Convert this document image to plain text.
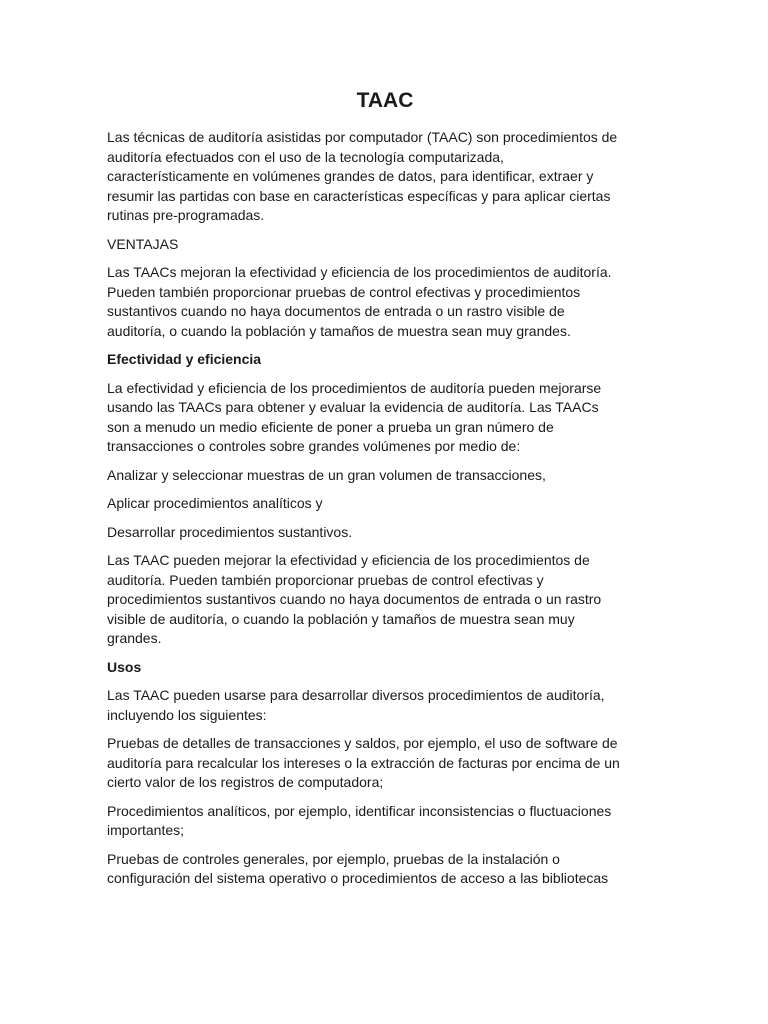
TAAC

Las técnicas de auditoría asistidas por computador (TAAC) son procedimientos de
auditoría efectuados con el uso de la tecnología computarizada,
característicamente en volúmenes grandes de datos, para identificar, extraer y
resumir las partidas con base en características específicas y para aplicar ciertas
rutinas pre-programadas.

VENTAJAS

Las TAACs mejoran la efectividad y eficiencia de los procedimientos de auditoría.
Pueden también proporcionar pruebas de control efectivas y procedimientos
sustantivos cuando no haya documentos de entrada o un rastro visible de
auditoría, o cuando la población y tamaños de muestra sean muy grandes.

Efectividad y eficiencia

La efectividad y eficiencia de los procedimientos de auditoría pueden mejorarse
usando las TAACs para obtener y evaluar la evidencia de auditoría. Las TAACs
son a menudo un medio eficiente de poner a prueba un gran número de
transacciones o controles sobre grandes volúmenes por medio de:

Analizar y seleccionar muestras de un gran volumen de transacciones,

Aplicar procedimientos analíticos y

Desarrollar procedimientos sustantivos.

Las TAAC pueden mejorar la efectividad y eficiencia de los procedimientos de
auditoría. Pueden también proporcionar pruebas de control efectivas y
procedimientos sustantivos cuando no haya documentos de entrada o un rastro
visible de auditoría, o cuando la población y tamaños de muestra sean muy
grandes.

Usos

Las TAAC pueden usarse para desarrollar diversos procedimientos de auditoría,
incluyendo los siguientes:

Pruebas de detalles de transacciones y saldos, por ejemplo, el uso de software de
auditoría para recalcular los intereses o la extracción de facturas por encima de un
cierto valor de los registros de computadora;

Procedimientos analíticos, por ejemplo, identificar inconsistencias o fluctuaciones
importantes;

Pruebas de controles generales, por ejemplo, pruebas de la instalación o
configuración del sistema operativo o procedimientos de acceso a las bibliotecas
